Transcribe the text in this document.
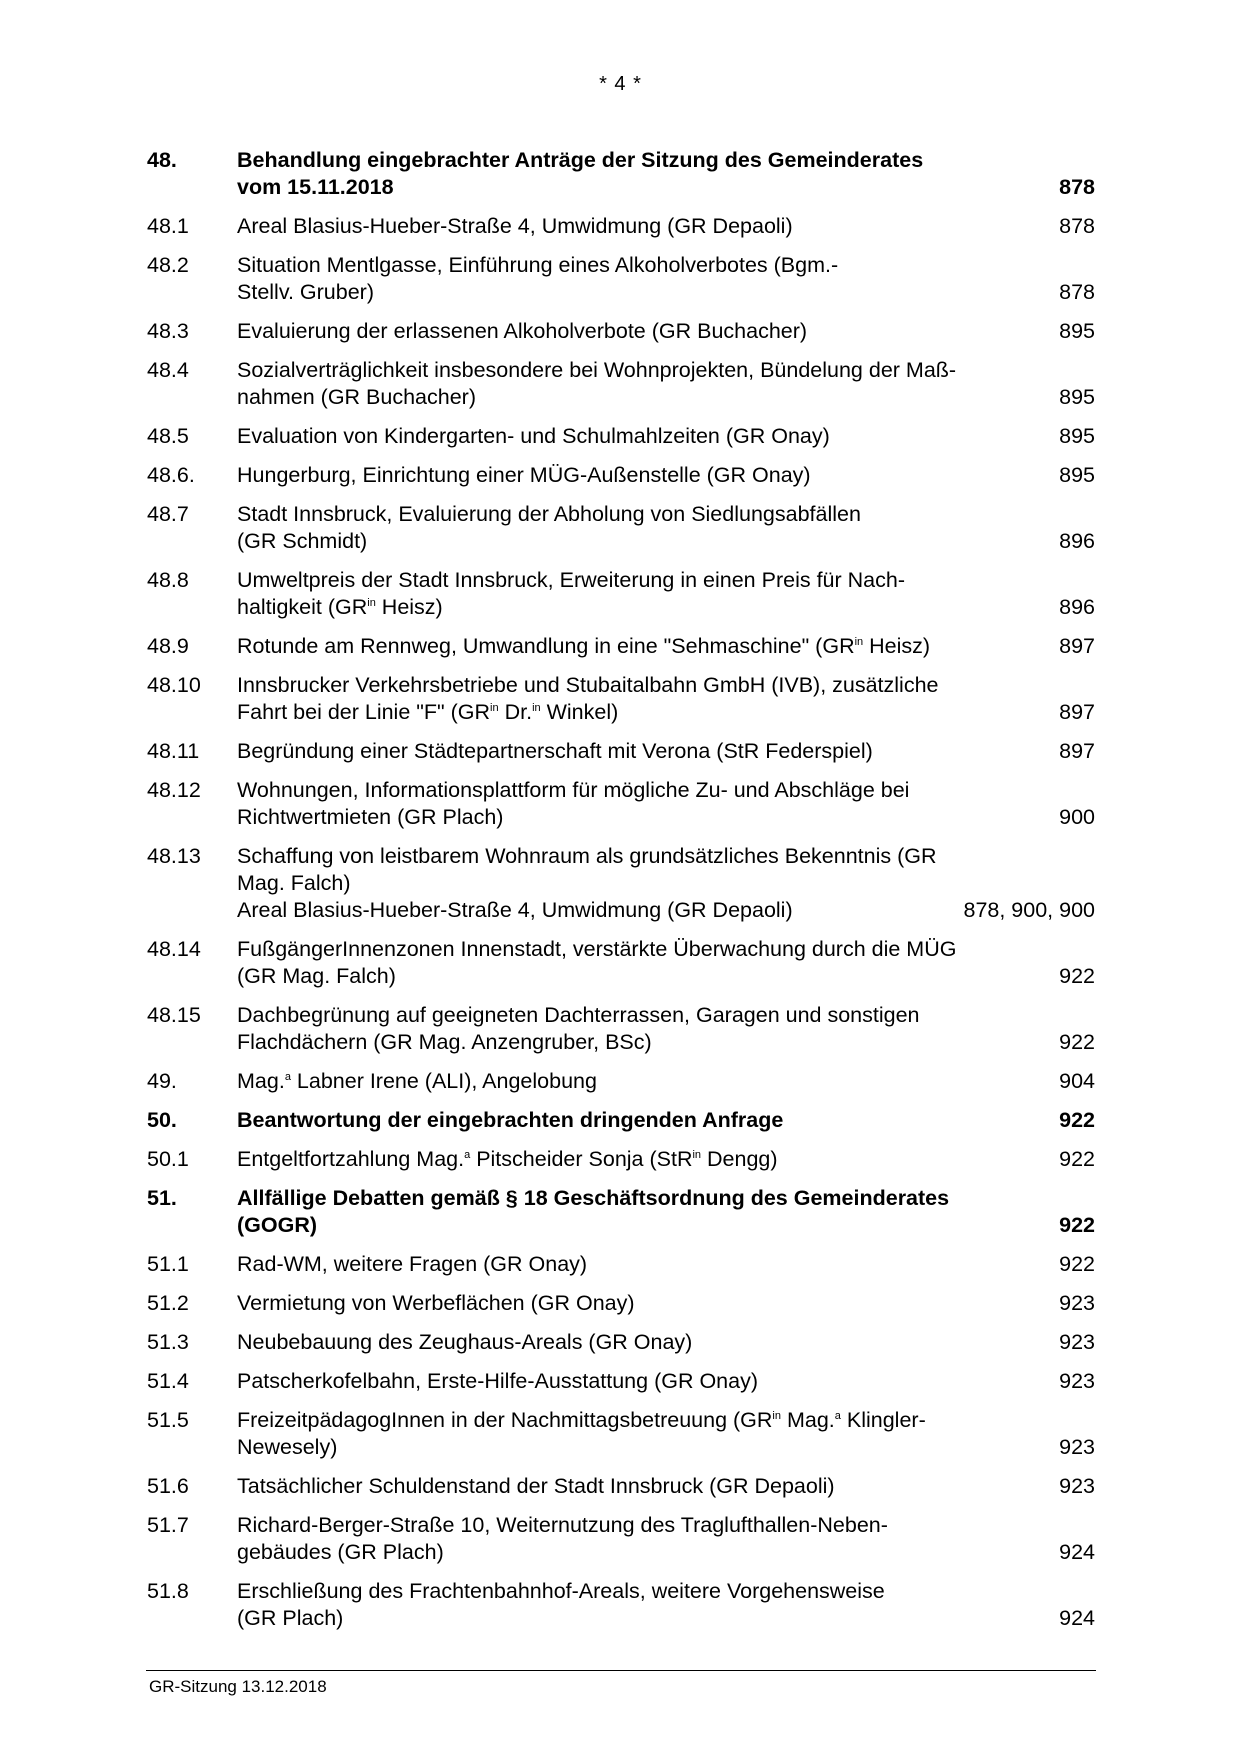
* 4 *
48.	Behandlung eingebrachter Anträge der Sitzung des Gemeinderates
vom 15.11.2018	878
48.1	Areal Blasius-Hueber-Straße 4, Umwidmung (GR Depaoli)	878
48.2	Situation Mentlgasse, Einführung eines Alkoholverbotes (Bgm.-
Stellv. Gruber)	878
48.3	Evaluierung der erlassenen Alkoholverbote (GR Buchacher)	895
48.4	Sozialverträglichkeit insbesondere bei Wohnprojekten, Bündelung der Maß-
nahmen (GR Buchacher)	895
48.5	Evaluation von Kindergarten- und Schulmahlzeiten (GR Onay)	895
48.6.	Hungerburg, Einrichtung einer MÜG-Außenstelle (GR Onay)	895
48.7	Stadt Innsbruck, Evaluierung der Abholung von Siedlungsabfällen
(GR Schmidt)	896
48.8	Umweltpreis der Stadt Innsbruck, Erweiterung in einen Preis für Nach-
haltigkeit ($GR^{in}$ Heisz)	896
48.9	Rotunde am Rennweg, Umwandlung in eine "Sehmaschine" ($GR^{in}$ Heisz)	897
48.10	Innsbrucker Verkehrsbetriebe und Stubaitalbahn GmbH (IVB), zusätzliche
Fahrt bei der Linie "F" ($GR^{in}$ Dr.$^{in}$ Winkel)	897
48.11	Begründung einer Städtepartnerschaft mit Verona (StR Federspiel)	897
48.12	Wohnungen, Informationsplattform für mögliche Zu- und Abschläge bei
Richtwertmieten (GR Plach)	900
48.13	Schaffung von leistbarem Wohnraum als grundsätzliches Bekenntnis (GR
Mag. Falch)
Areal Blasius-Hueber-Straße 4, Umwidmung (GR Depaoli)	878, 900, 900
48.14	FußgängerInnenzonen Innenstadt, verstärkte Überwachung durch die MÜG
(GR Mag. Falch)	922
48.15	Dachbegrünung auf geeigneten Dachterrassen, Garagen und sonstigen
Flachdächern (GR Mag. Anzengruber, BSc)	922
49.	Mag.$^a$ Labner Irene (ALI), Angelobung	904
50.	Beantwortung der eingebrachten dringenden Anfrage	922
50.1	Entgeltfortzahlung Mag.$^a$ Pitscheider Sonja (StR$^{in}$ Dengg)	922
51.	Allfällige Debatten gemäß § 18 Geschäftsordnung des Gemeinderates
(GOGR)	922
51.1	Rad-WM, weitere Fragen (GR Onay)	922
51.2	Vermietung von Werbeflächen (GR Onay)	923
51.3	Neubebauung des Zeughaus-Areals (GR Onay)	923
51.4	Patscherkofelbahn, Erste-Hilfe-Ausstattung (GR Onay)	923
51.5	FreizeitpädagogInnen in der Nachmittagsbetreuung ($GR^{in}$ Mag.$^a$ Klingler-
Newesely)	923
51.6	Tatsächlicher Schuldenstand der Stadt Innsbruck (GR Depaoli)	923
51.7	Richard-Berger-Straße 10, Weiternutzung des Traglufthallen-Neben-
gebäudes (GR Plach)	924
51.8	Erschließung des Frachtenbahnhof-Areals, weitere Vorgehensweise
(GR Plach)	924
GR-Sitzung 13.12.2018
